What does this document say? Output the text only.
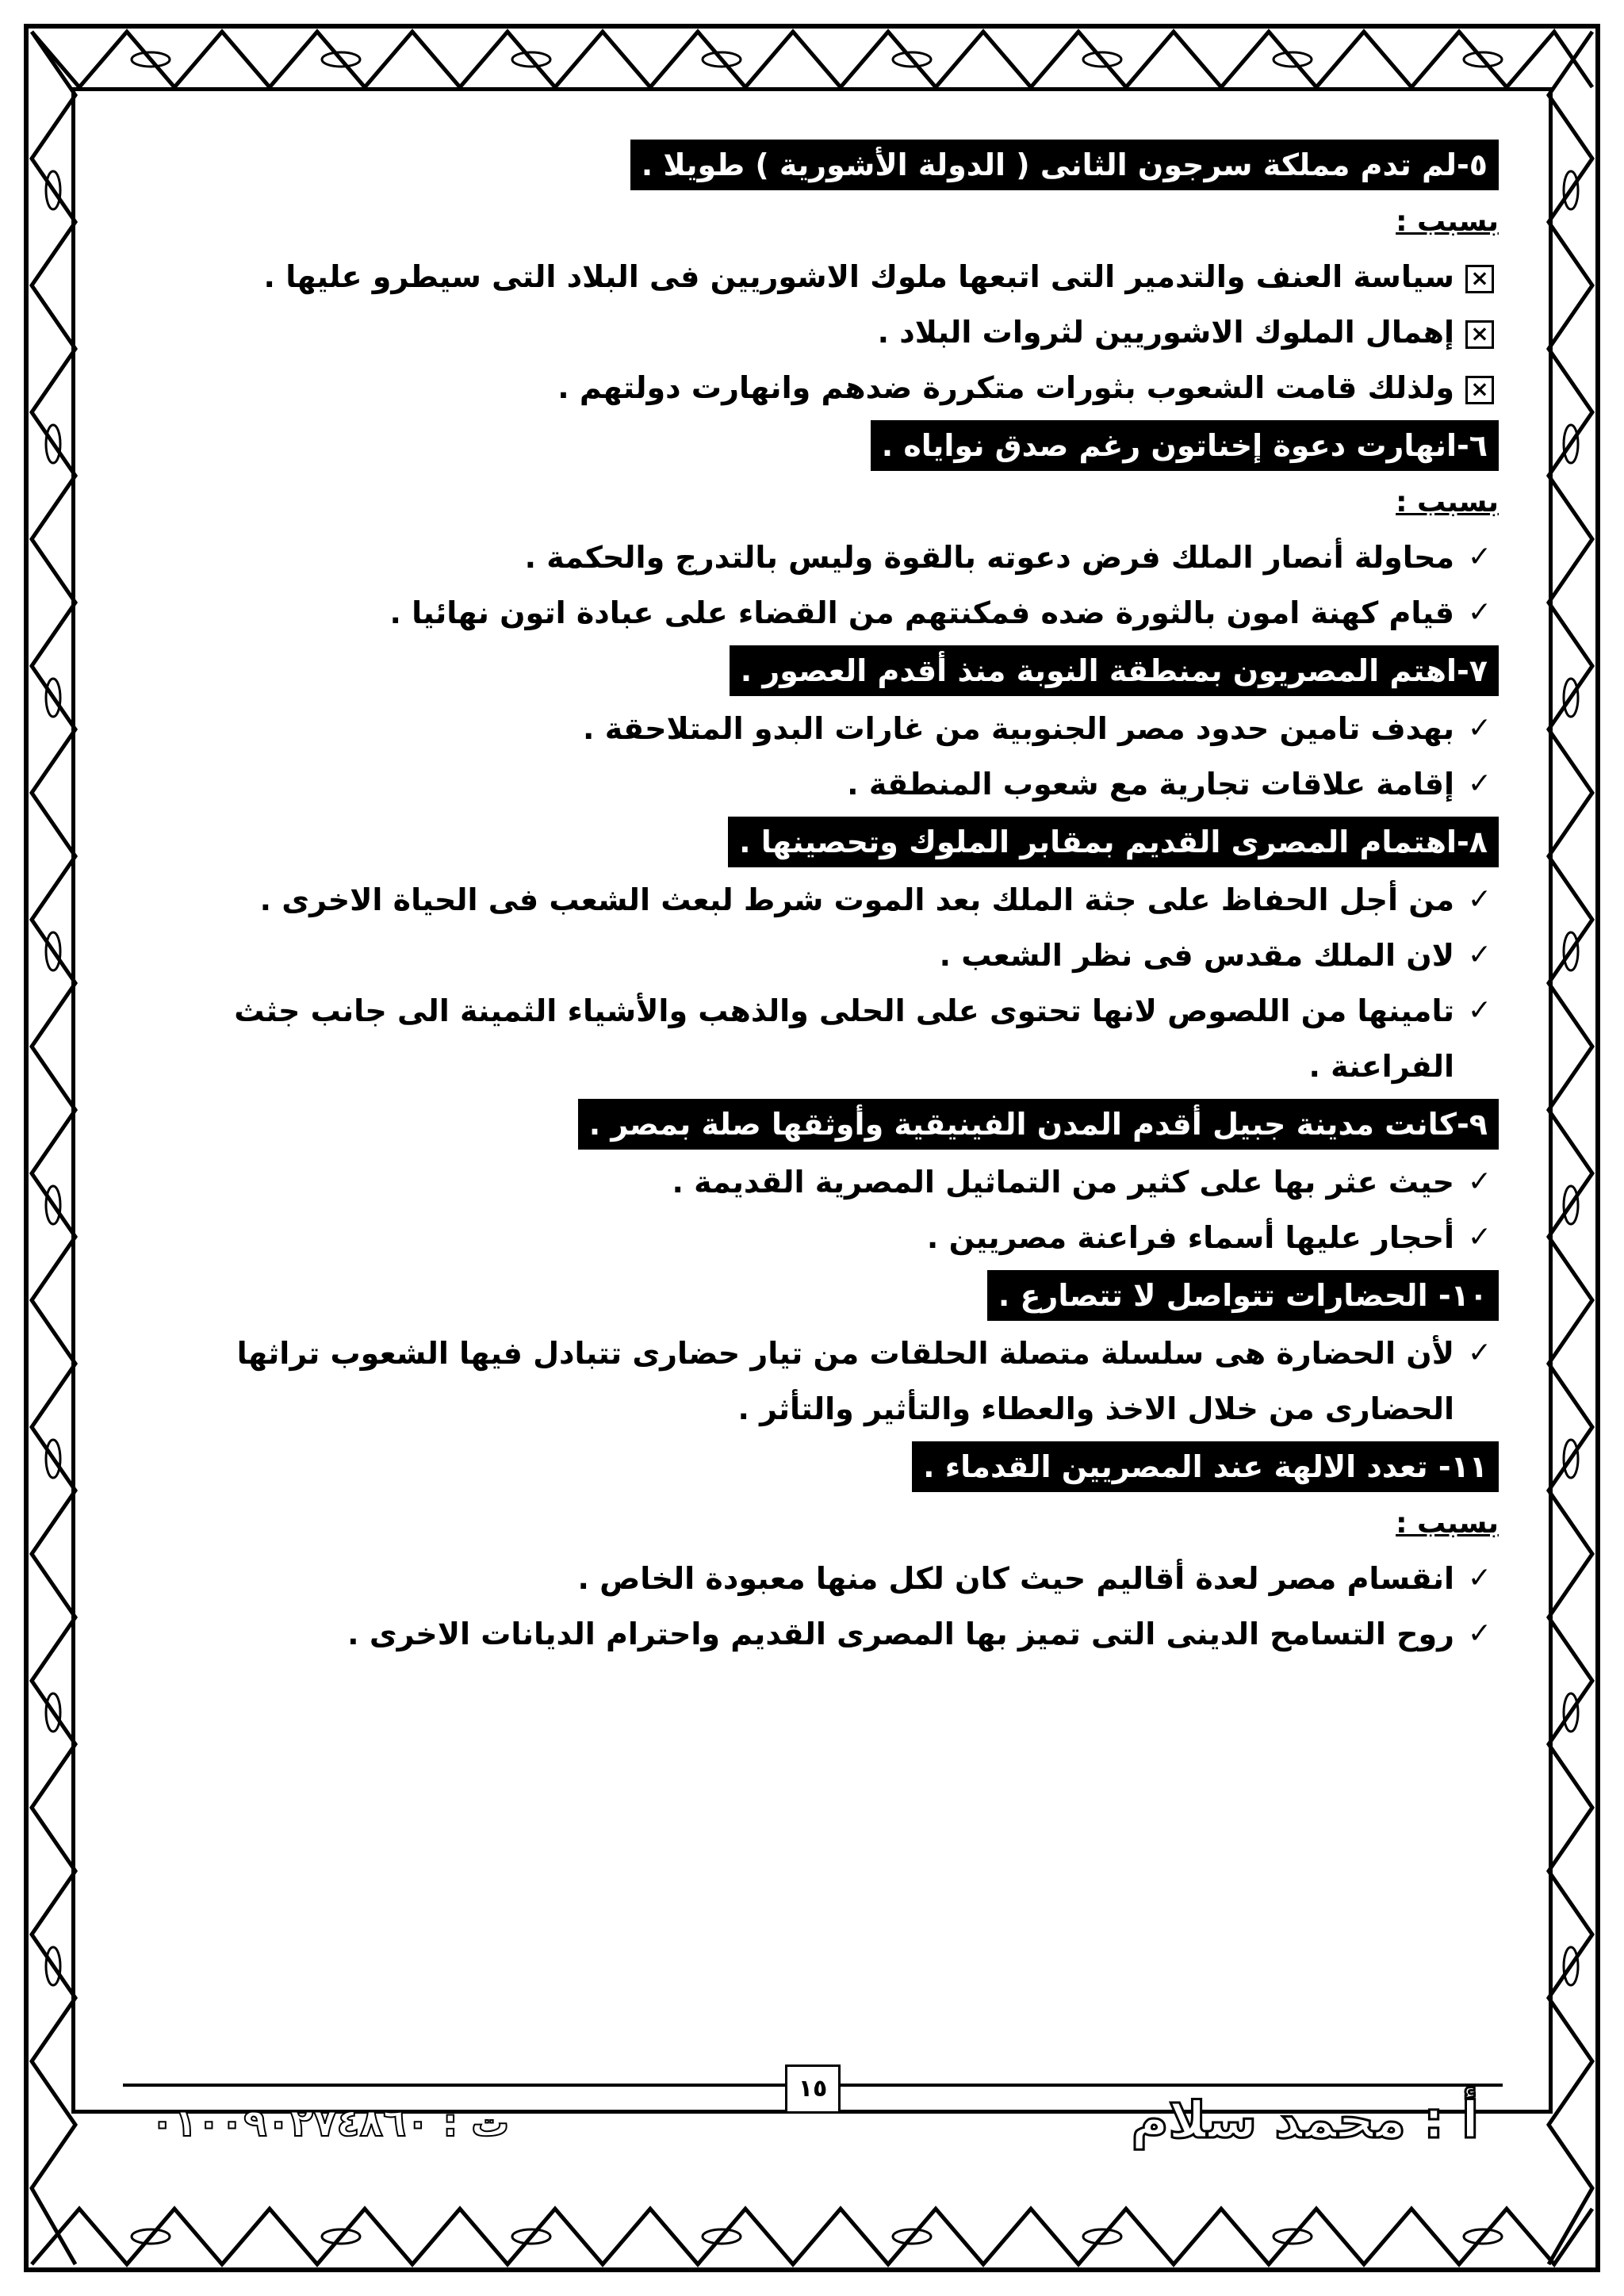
٥-لم تدم مملكة سرجون الثانى ( الدولة الأشورية ) طويلا .
بسبب :
×
سياسة العنف والتدمير التى اتبعها ملوك الاشوريين فى البلاد التى سيطرو عليها .
×
إهمال الملوك الاشوريين لثروات البلاد .
×
ولذلك قامت الشعوب بثورات متكررة ضدهم وانهارت دولتهم .
٦-انهارت دعوة إخناتون رغم صدق نواياه .
بسبب :
✓
محاولة أنصار الملك فرض دعوته بالقوة وليس بالتدرج والحكمة .
✓
قيام كهنة امون بالثورة ضده فمكنتهم من القضاء على عبادة اتون نهائيا .
٧-اهتم المصريون بمنطقة النوبة منذ أقدم العصور .
✓
بهدف تامين حدود مصر الجنوبية من غارات البدو المتلاحقة .
✓
إقامة علاقات تجارية مع شعوب المنطقة .
٨-اهتمام المصرى القديم بمقابر الملوك وتحصينها .
✓
من أجل الحفاظ على جثة الملك بعد الموت شرط لبعث الشعب فى الحياة الاخرى .
✓
لان الملك مقدس فى نظر الشعب .
✓
تامينها من اللصوص لانها تحتوى على الحلى والذهب والأشياء الثمينة الى جانب جثث الفراعنة .
٩-كانت مدينة جبيل أقدم المدن الفينيقية وأوثقها صلة بمصر .
✓
حيث عثر بها على كثير من التماثيل المصرية القديمة .
✓
أحجار عليها أسماء فراعنة مصريين .
١٠- الحضارات تتواصل لا تتصارع .
✓
لأن الحضارة هى سلسلة متصلة الحلقات من تيار حضارى تتبادل فيها الشعوب تراثها الحضارى من خلال الاخذ والعطاء والتأثير والتأثر .
١١- تعدد الالهة عند المصريين القدماء .
بسبب :
✓
انقسام مصر لعدة أقاليم حيث كان لكل منها معبودة الخاص .
✓
روح التسامح الدينى التى تميز بها المصرى القديم واحترام الديانات الاخرى .
١٥
أ : محمد سلام
ت : ٠١٠٠٩٠٢٧٤٨٦٠
